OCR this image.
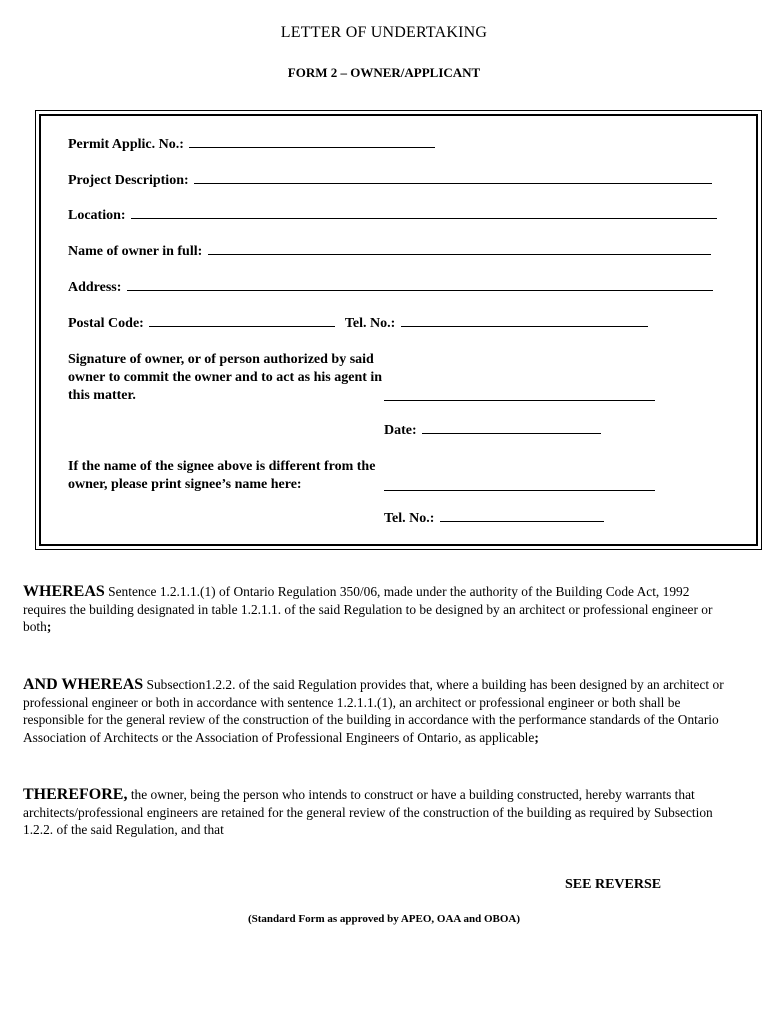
LETTER OF UNDERTAKING
FORM 2 – OWNER/APPLICANT
Permit Applic. No.:
Project Description:
Location:
Name of owner in full:
Address:
Postal Code:	Tel. No.:
Signature of owner, or of person authorized by said owner to commit the owner and to act as his agent in this matter.
Date:
If the name of the signee above is different from the owner, please print signee’s name here:
Tel. No.:
WHEREAS Sentence 1.2.1.1.(1) of Ontario Regulation 350/06, made under the authority of the Building Code Act, 1992 requires the building designated in table 1.2.1.1. of the said Regulation to be designed by an architect or professional engineer or both;
AND WHEREAS Subsection1.2.2. of the said Regulation provides that, where a building has been designed by an architect or professional engineer or both in accordance with sentence 1.2.1.1.(1), an architect or professional engineer or both shall be responsible for the general review of the construction of the building in accordance with the performance standards of the Ontario Association of Architects or the Association of Professional Engineers of Ontario, as applicable;
THEREFORE, the owner, being the person who intends to construct or have a building constructed, hereby warrants that architects/professional engineers are retained for the general review of the construction of the building as required by Subsection 1.2.2. of the said Regulation, and that
SEE REVERSE
(Standard Form as approved by APEO, OAA and OBOA)
